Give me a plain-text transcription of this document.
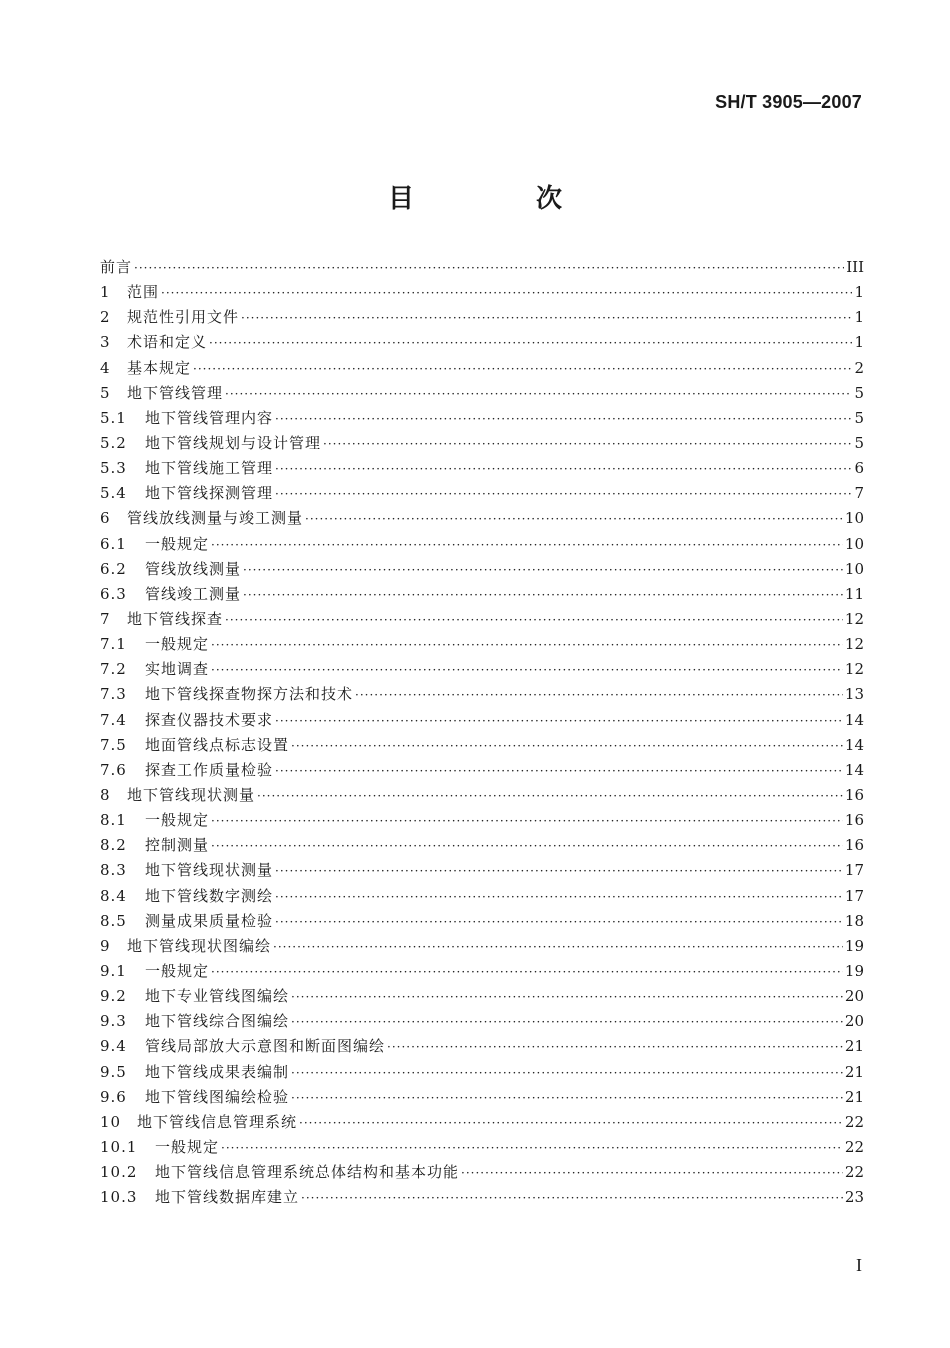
SH/T 3905—2007
目　次
前言 ·····	III
1	范围 ·····	1
2	规范性引用文件 ·····	1
3	术语和定义 ·····	1
4	基本规定 ·····	2
5	地下管线管理 ·····	5
5.1	地下管线管理内容 ·····	5
5.2	地下管线规划与设计管理 ·····	5
5.3	地下管线施工管理 ·····	6
5.4	地下管线探测管理 ·····	7
6	管线放线测量与竣工测量 ·····	10
6.1	一般规定 ·····	10
6.2	管线放线测量 ·····	10
6.3	管线竣工测量 ·····	11
7	地下管线探查 ·····	12
7.1	一般规定 ·····	12
7.2	实地调查 ·····	12
7.3	地下管线探查物探方法和技术 ·····	13
7.4	探查仪器技术要求 ·····	14
7.5	地面管线点标志设置 ·····	14
7.6	探查工作质量检验 ·····	14
8	地下管线现状测量 ·····	16
8.1	一般规定 ·····	16
8.2	控制测量 ·····	16
8.3	地下管线现状测量 ·····	17
8.4	地下管线数字测绘 ·····	17
8.5	测量成果质量检验 ·····	18
9	地下管线现状图编绘 ·····	19
9.1	一般规定 ·····	19
9.2	地下专业管线图编绘 ·····	20
9.3	地下管线综合图编绘 ·····	20
9.4	管线局部放大示意图和断面图编绘 ·····	21
9.5	地下管线成果表编制 ·····	21
9.6	地下管线图编绘检验 ·····	21
10	地下管线信息管理系统 ·····	22
10.1	一般规定 ·····	22
10.2	地下管线信息管理系统总体结构和基本功能 ·····	22
10.3	地下管线数据库建立 ·····	23
I
